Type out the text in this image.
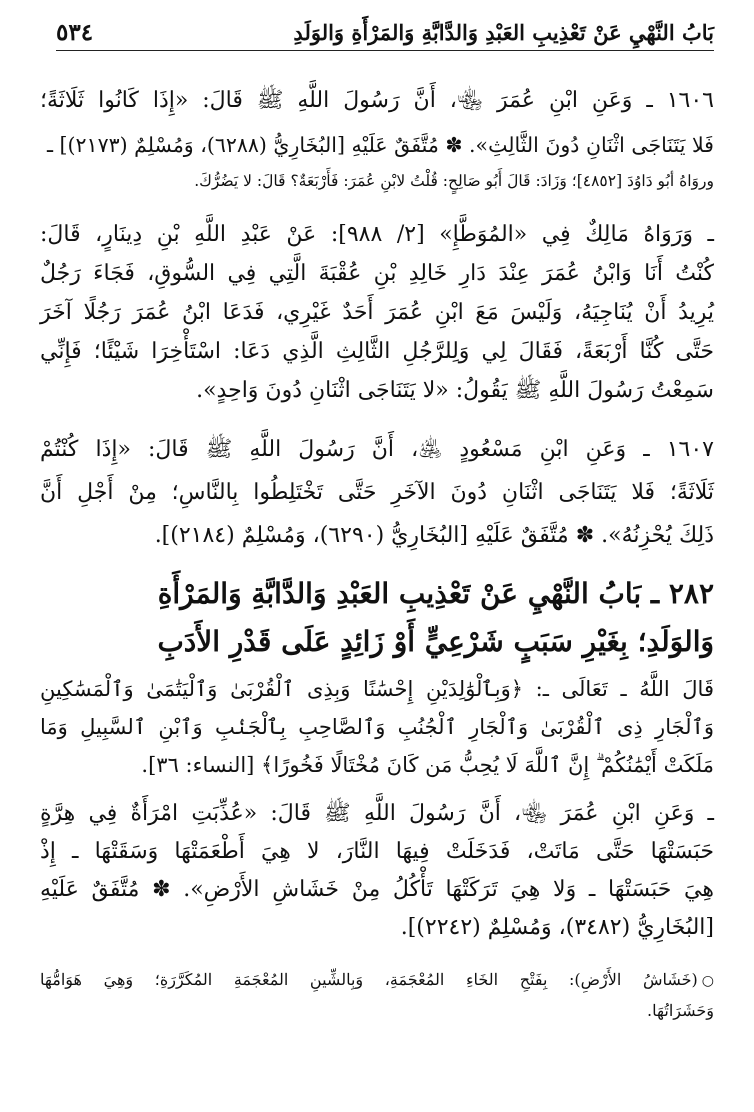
بَابُ النَّهْيِ عَنْ تَعْذِيبِ العَبْدِ وَالدَّابَّةِ وَالمَرْأَةِ وَالوَلَدِ
٥٣٤
١٦٠٦ ـ وَعَنِ ابْنِ عُمَرَ ﵄، أَنَّ رَسُولَ اللَّهِ ﷺ قَالَ: «إِذَا كَانُوا ثَلَاثَةً؛
فَلا يَتَنَاجَى اثْنَانِ دُونَ الثَّالِثِ». ✽ مُتَّفَقٌ عَلَيْهِ [البُخَارِيُّ (٦٢٨٨)، وَمُسْلِمٌ (٢١٧٣)] ـ
وروَاهُ أبُو دَاوُدَ [٤٨٥٢]؛ وَزَادَ: قَالَ أَبُو صَالِحٍ: قُلْتُ لابْنِ عُمَرَ: فَأَرْبَعَةٌ؟ قَالَ: لا يَضُرُّكَ.
ـ وَرَوَاهُ مَالِكٌ فِي «المُوَطَّإِ» [٢/ ٩٨٨]: عَنْ عَبْدِ اللَّهِ بْنِ دِينَارٍ، قَالَ:
كُنْتُ أَنَا وَابْنُ عُمَرَ عِنْدَ دَارِ خَالِدِ بْنِ عُقْبَةَ الَّتِي فِي السُّوقِ، فَجَاءَ رَجُلٌ
يُرِيدُ أَنْ يُنَاجِيَهُ، وَلَيْسَ مَعَ ابْنِ عُمَرَ أَحَدٌ غَيْرِي، فَدَعَا ابْنُ عُمَرَ رَجُلًا آخَرَ
حَتَّى كُنَّا أَرْبَعَةً، فَقَالَ لِي وَلِلرَّجُلِ الثَّالِثِ الَّذِي دَعَا: اسْتَأْخِرَا شَيْئًا؛ فَإِنِّي
سَمِعْتُ رَسُولَ اللَّهِ ﷺ يَقُولُ: «لا يَتَنَاجَى اثْنَانِ دُونَ وَاحِدٍ».
١٦٠٧ ـ وَعَنِ ابْنِ مَسْعُودٍ ﵁، أَنَّ رَسُولَ اللَّهِ ﷺ قَالَ: «إِذَا كُنْتُمْ
ثَلَاثَةً؛ فَلا يَتَنَاجَى اثْنَانِ دُونَ الآخَرِ حَتَّى تَخْتَلِطُوا بِالنَّاسِ؛ مِنْ أَجْلِ أَنَّ
ذَلِكَ يُحْزِنُهُ». ✽ مُتَّفَقٌ عَلَيْهِ [البُخَارِيُّ (٦٢٩٠)، وَمُسْلِمٌ (٢١٨٤)].
٢٨٢ ـ بَابُ النَّهْيِ عَنْ تَعْذِيبِ العَبْدِ وَالدَّابَّةِ وَالمَرْأَةِ
وَالوَلَدِ؛ بِغَيْرِ سَبَبٍ شَرْعِيٍّ أَوْ زَائِدٍ عَلَى قَدْرِ الأَدَبِ
قَالَ اللَّهُ ـ تَعَالَى ـ: ﴿وَبِٱلْوَٰلِدَيْنِ إِحْسَٰنًا وَبِذِى ٱلْقُرْبَىٰ وَٱلْيَتَٰمَىٰ وَٱلْمَسَٰكِينِ
وَٱلْجَارِ ذِى ٱلْقُرْبَىٰ وَٱلْجَارِ ٱلْجُنُبِ وَٱلصَّاحِبِ بِٱلْجَنۢبِ وَٱبْنِ ٱلسَّبِيلِ وَمَا
مَلَكَتْ أَيْمَٰنُكُمْ ۗ إِنَّ ٱللَّهَ لَا يُحِبُّ مَن كَانَ مُخْتَالًا فَخُورًا﴾ [النساء: ٣٦].
ـ وَعَنِ ابْنِ عُمَرَ ﵄، أَنَّ رَسُولَ اللَّهِ ﷺ قَالَ: «عُذِّبَتِ امْرَأَةٌ فِي هِرَّةٍ
حَبَسَتْهَا حَتَّى مَاتَتْ، فَدَخَلَتْ فِيهَا النَّارَ، لا هِيَ أَطْعَمَتْهَا وَسَقَتْهَا ـ إِذْ
هِيَ حَبَسَتْهَا ـ وَلا هِيَ تَرَكَتْهَا تَأْكُلُ مِنْ خَشَاشِ الأَرْضِ». ✽ مُتَّفَقٌ عَلَيْهِ
[البُخَارِيُّ (٣٤٨٢)، وَمُسْلِمٌ (٢٢٤٢)].
○(خَشَاشُ الأَرْضِ): بِفَتْحِ الخَاءِ المُعْجَمَةِ، وَبِالشِّينِ المُعْجَمَةِ المُكَرَّرَةِ؛ وَهِيَ هَوَامُّهَا
وَحَشَرَاتُهَا.
